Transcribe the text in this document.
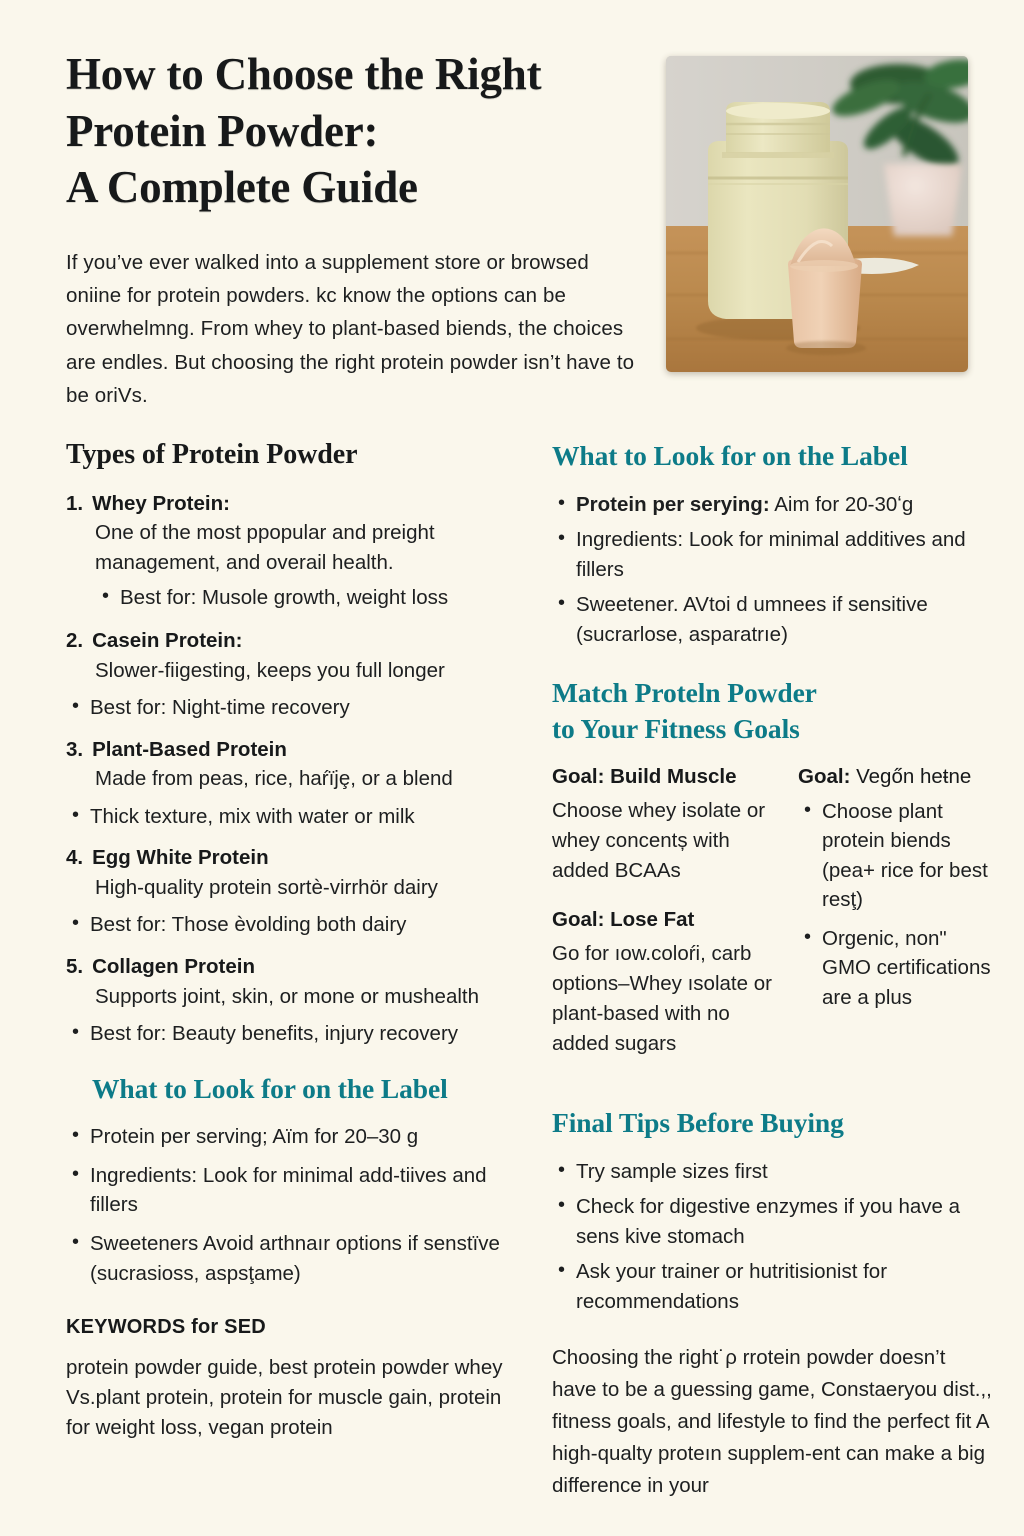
How to Choose the Right
Protein Powder:
A Complete Guide

If you’ve ever walked into a supplement store or browsed oniine for protein powders. kc know the options can be overwhelmng. From whey to plant-based biends, the choices are endles. But choosing the right protein powder isn’t have to be oriVs.

Types of Protein Powder
1. Whey Protein:
One of the most ppopular and preight management, and overail health.
• Best for: Musole growth, weight loss
2. Casein Protein:
Slower-fiigesting, keeps you full longer
• Best for: Night-time recovery
3. Plant-Based Protein
Made from peas, rice, haŕïjȩ, or a blend
• Thick texture, mix with water or milk
4. Egg White Protein
High-quality protein sortè-virrhör dairy
• Best for: Those èvolding both dairy
5. Collagen Protein
Supports joint, skin, or mone or mushealth
• Best for: Beauty benefits, injury recovery
What to Look for on the Label
• Protein per serving; Aïm for 20–30 g
• Ingredients: Look for minimal add-tiives and fillers
• Sweeteners Avoid arthnaır options if senstïve (sucrasioss, aspsţame)
KEYWORDS for SED
protein powder guide, best protein powder whey Vs.plant protein, protein for muscle gain, protein for weight loss, vegan protein
What to Look for on the Label
• Protein per serying: Aim for 20-30ʻg
• Ingredients: Look for minimal additives and fillers
• Sweetener. AVtoi d umnees if sensitive (sucrarlose, asparatrıe)
Match Proteln Powder
to Your Fitness Goals
Goal: Build Muscle
Choose whey isolate or whey concentș with added BCAAs
Goal: Lose Fat
Go for ıow.coloŕi, carb options–Whey ısolate or plant-based with no added sugars
Goal: Vegőn heŧne
• Choose plant protein biends (pea+ rice for best resţ)
• Orgenic, nonʺ GMO certifications are a plus
Final Tips Before Buying
• Try sample sizes first
• Check for digestive enzymes if you have a sens kive stomach
• Ask your trainer or hutritisionist for recommendations

Choosing the right˙ρ rrotein powder doesn’t have to be a guessing game, Constaeryou dist.,, fitness goals, and lifestyle to find the perfect fit A high-qualty proteın supplem-ent can make a big difference in your
